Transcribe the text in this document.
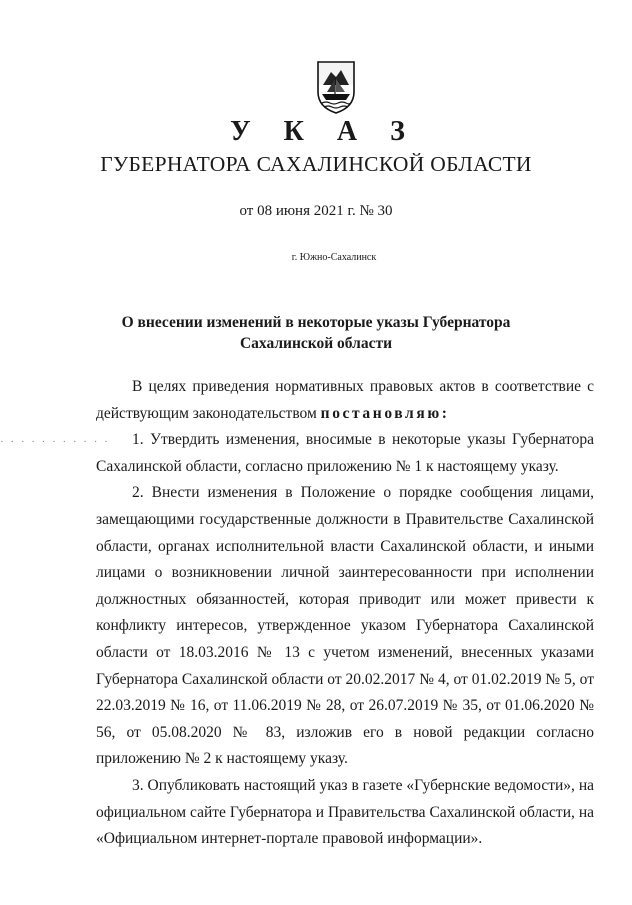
У К А З
ГУБЕРНАТОРА САХАЛИНСКОЙ ОБЛАСТИ
от 08 июня 2021 г. № 30
г. Южно-Сахалинск
О внесении изменений в некоторые указы Губернатора
Сахалинской области
· · · · · · · · · · ·

В целях приведения нормативных правовых актов в соответствие с действующим законодательством постановляю:

1. Утвердить изменения, вносимые в некоторые указы Губернатора Сахалинской области, согласно приложению № 1 к настоящему указу.

2. Внести изменения в Положение о порядке сообщения лицами, замещающими государственные должности в Правительстве Сахалинской области, органах исполнительной власти Сахалинской области, и иными лицами о возникновении личной заинтересованности при исполнении должностных обязанностей, которая приводит или может привести к конфликту интересов, утвержденное указом Губернатора Сахалинской области от 18.03.2016 № 13 с учетом изменений, внесенных указами Губернатора Сахалинской области от 20.02.2017 № 4, от 01.02.2019 № 5, от 22.03.2019 № 16, от 11.06.2019 № 28, от 26.07.2019 № 35, от 01.06.2020 № 56, от 05.08.2020 № 83, изложив его в новой редакции согласно приложению № 2 к настоящему указу.

3. Опубликовать настоящий указ в газете «Губернские ведомости», на официальном сайте Губернатора и Правительства Сахалинской области, на «Официальном интернет-портале правовой информации».
